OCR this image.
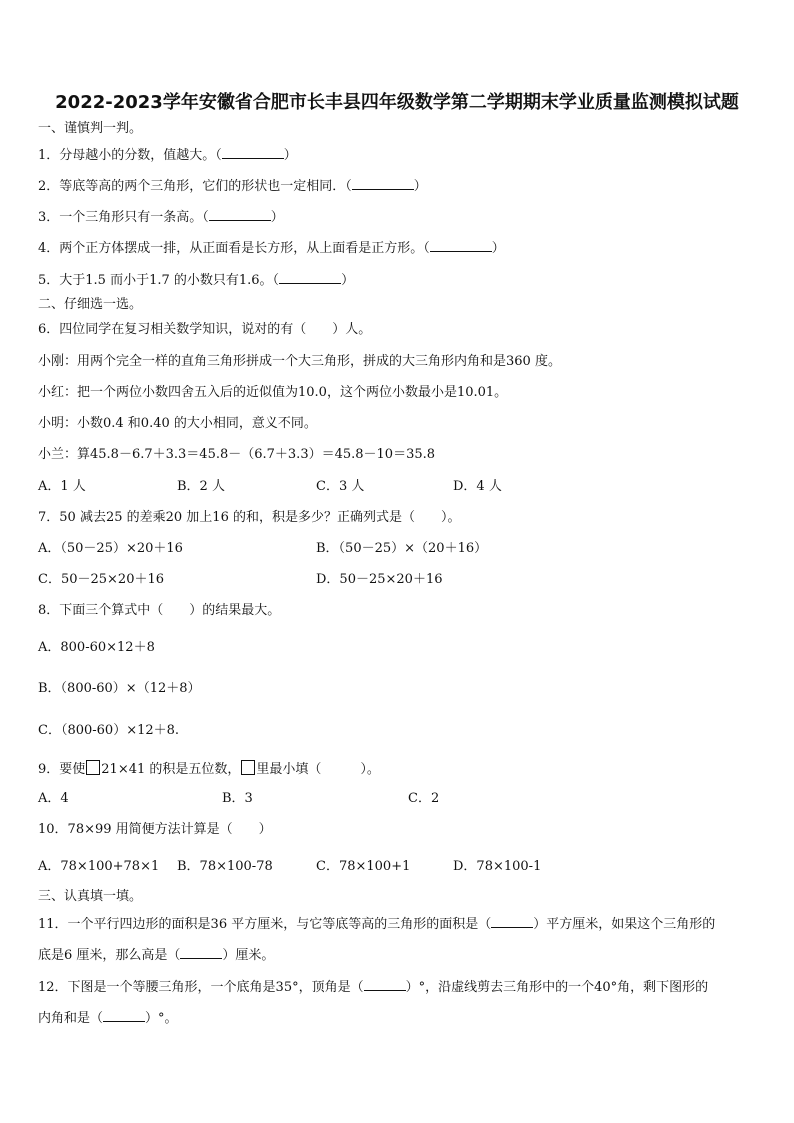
2022-2023学年安徽省合肥市长丰县四年级数学第二学期期末学业质量监测模拟试题
一、谨慎判一判。
1．分母越小的分数，值越大。（	）
2．等底等高的两个三角形，它们的形状也一定相同．（	）
3．一个三角形只有一条高。（	）
4．两个正方体摆成一排，从正面看是长方形，从上面看是正方形。（	）
5．大于1.5 而小于1.7 的小数只有1.6。（	）
二、仔细选一选。
6．四位同学在复习相关数学知识，说对的有（　　）人。
小刚：用两个完全一样的直角三角形拼成一个大三角形，拼成的大三角形内角和是360 度。
小红：把一个两位小数四舍五入后的近似值为10.0，这个两位小数最小是10.01。
小明：小数0.4 和0.40 的大小相同，意义不同。
小兰：算45.8－6.7＋3.3＝45.8－（6.7＋3.3）＝45.8－10＝35.8
A．1 人	B．2 人	C．3 人	D．4 人
7．50 减去25 的差乘20 加上16 的和，积是多少？正确列式是（　　）。
A．（50－25）×20＋16	B．（50－25）×（20＋16）
C．50－25×20＋16	D．50－25×20＋16
8．下面三个算式中（　　）的结果最大。
A．800-60×12＋8
B．（800-60）×（12＋8）
C．（800-60）×12＋8.
9．要使 21×41 的积是五位数， 里最小填（　　　）。
A．4	B．3	C．2
10．78×99 用简便方法计算是（　　）
A．78×100+78×1 B．78×100-78	C．78×100+1	D．78×100-1
三、认真填一填。
11．一个平行四边形的面积是36 平方厘米，与它等底等高的三角形的面积是（	）平方厘米，如果这个三角形的
底是6 厘米，那么高是（	）厘米。
12．下图是一个等腰三角形，一个底角是35°，顶角是（	）°，沿虚线剪去三角形中的一个40°角，剩下图形的
内角和是（	）°。
